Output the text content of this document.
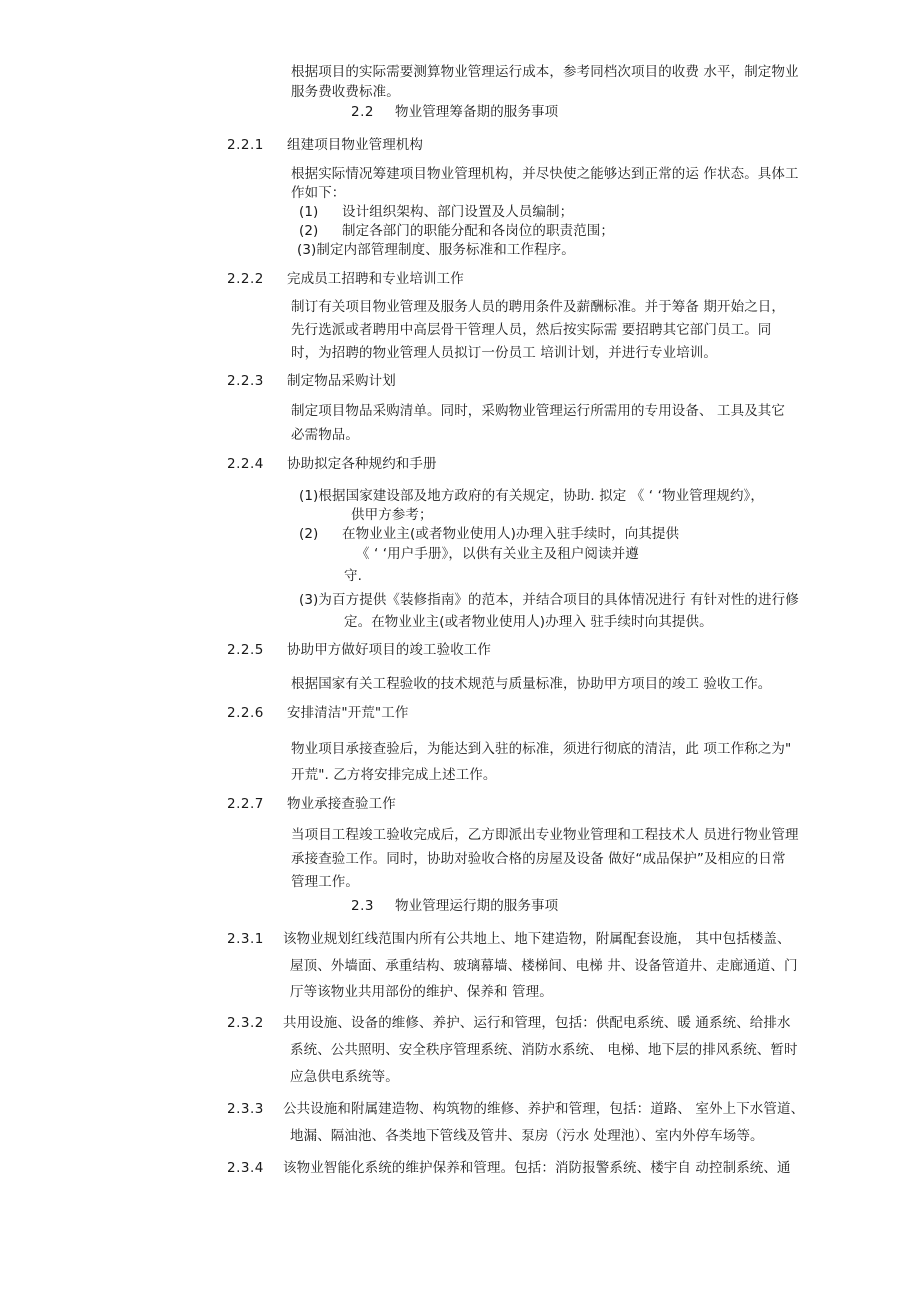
根据项目的实际需要测算物业管理运行成本，参考同档次项目的收费 水平，制定物业
服务费收费标准。
2.2 物业管理筹备期的服务事项
2.2.1 组建项目物业管理机构
根据实际情况筹建项目物业管理机构，并尽快使之能够达到正常的运 作状态。具体工
作如下：
(1) 设计组织架构、部门设置及人员编制；
(2) 制定各部门的职能分配和各岗位的职责范围；
(3)制定内部管理制度、服务标准和工作程序。
2.2.2 完成员工招聘和专业培训工作
制订有关项目物业管理及服务人员的聘用条件及薪酬标准。并于筹备 期开始之日，
先行选派或者聘用中高层骨干管理人员，然后按实际需 要招聘其它部门员工。同
时，为招聘的物业管理人员拟订一份员工 培训计划，并进行专业培训。
2.2.3 制定物品采购计划
制定项目物品采购清单。同时，采购物业管理运行所需用的专用设备、 工具及其它
必需物品。
2.2.4 协助拟定各种规约和手册
(1)根据国家建设部及地方政府的有关规定，协助. 拟定 《 ‘ ‘物业管理规约》，
供甲方参考；
(2) 在物业业主(或者物业使用人)办理入驻手续时，向其提供
《 ‘ ‘用户手册》，以供有关业主及租户阅读并遵
守.
(3)为百方提供《装修指南》的范本，并结合项目的具体情况进行 有针对性的进行修
定。在物业业主(或者物业使用人)办理入 驻手续时向其提供。
2.2.5 协助甲方做好项目的竣工验收工作
根据国家有关工程验收的技术规范与质量标准，协助甲方项目的竣工 验收工作。
2.2.6 安排清洁"开荒"工作
物业项目承接查验后，为能达到入驻的标准，须进行彻底的清洁，此 项工作称之为"
开荒". 乙方将安排完成上述工作。
2.2.7 物业承接查验工作
当项目工程竣工验收完成后，乙方即派出专业物业管理和工程技术人 员进行物业管理
承接查验工作。同时，协助对验收合格的房屋及设备 做好“成品保护”及相应的日常
管理工作。
2.3 物业管理运行期的服务事项
2.3.1 该物业规划红线范围内所有公共地上、地下建造物，附属配套设施， 其中包括楼盖、
屋顶、外墙面、承重结构、玻璃幕墙、楼梯间、电梯 井、设备管道井、走廊通道、门
厅等该物业共用部份的维护、保养和 管理。
2.3.2 共用设施、设备的维修、养护、运行和管理，包括：供配电系统、暖 通系统、给排水
系统、公共照明、安全秩序管理系统、消防水系统、 电梯、地下层的排风系统、暂时
应急供电系统等。
2.3.3 公共设施和附属建造物、构筑物的维修、养护和管理，包括：道路、 室外上下水管道、
地漏、隔油池、各类地下管线及管井、泵房（污水 处理池）、室内外停车场等。
2.3.4 该物业智能化系统的维护保养和管理。包括：消防报警系统、楼宇自 动控制系统、通
